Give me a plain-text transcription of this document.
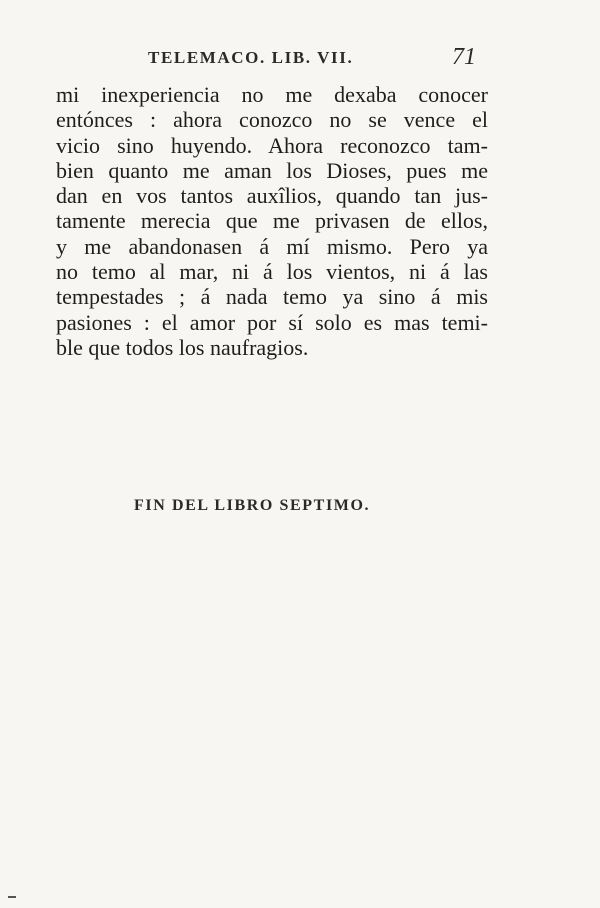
TELEMACO. LIB. VII.	71
mi inexperiencia no me dexaba conocer
entónces : ahora conozco no se vence el
vicio sino huyendo. Ahora reconozco tam-
bien quanto me aman los Dioses, pues me
dan en vos tantos auxîlios, quando tan jus-
tamente merecia que me privasen de ellos,
y me abandonasen á mí mismo. Pero ya
no temo al mar, ni á los vientos, ni á las
tempestades ; á nada temo ya sino á mis
pasiones : el amor por sí solo es mas temi-
ble que todos los naufragios.
FIN DEL LIBRO SEPTIMO.
